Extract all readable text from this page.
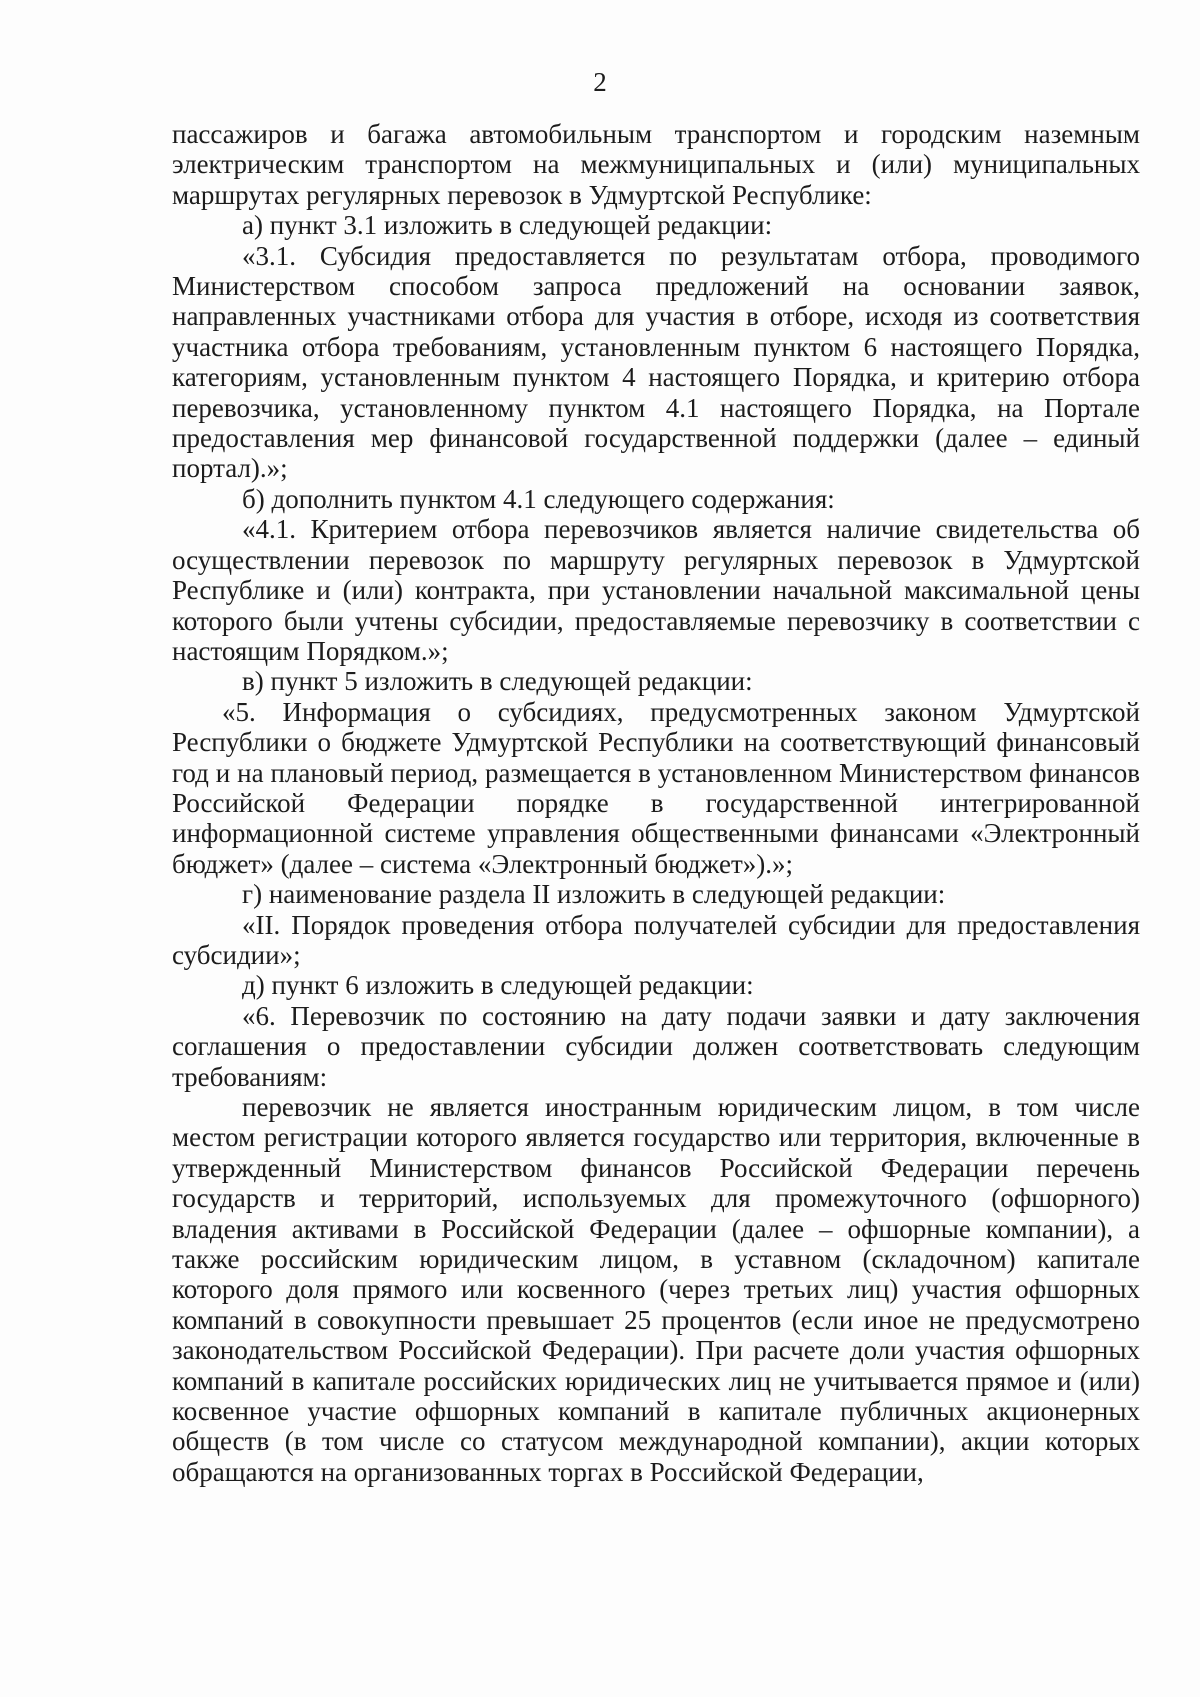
2

пассажиров и багажа автомобильным транспортом и городским наземным электрическим транспортом на межмуниципальных и (или) муниципальных маршрутах регулярных перевозок в Удмуртской Республике:

а) пункт 3.1 изложить в следующей редакции:

«3.1. Субсидия предоставляется по результатам отбора, проводимого Министерством способом запроса предложений на основании заявок, направленных участниками отбора для участия в отборе, исходя из соответствия участника отбора требованиям, установленным пунктом 6 настоящего Порядка, категориям, установленным пунктом 4 настоящего Порядка, и критерию отбора перевозчика, установленному пунктом 4.1 настоящего Порядка, на Портале предоставления мер финансовой государственной поддержки (далее – единый портал).»;

б) дополнить пунктом 4.1 следующего содержания:

«4.1. Критерием отбора перевозчиков является наличие свидетельства об осуществлении перевозок по маршруту регулярных перевозок в Удмуртской Республике и (или) контракта, при установлении начальной максимальной цены которого были учтены субсидии, предоставляемые перевозчику в соответствии с настоящим Порядком.»;

в) пункт 5 изложить в следующей редакции:

«5. Информация о субсидиях, предусмотренных законом Удмуртской Республики о бюджете Удмуртской Республики на соответствующий финансовый год и на плановый период, размещается в установленном Министерством финансов Российской Федерации порядке в государственной интегрированной информационной системе управления общественными финансами «Электронный бюджет» (далее – система «Электронный бюджет»).»;

г) наименование раздела II изложить в следующей редакции:

«II. Порядок проведения отбора получателей субсидии для предоставления субсидии»;

д) пункт 6 изложить в следующей редакции:

«6. Перевозчик по состоянию на дату подачи заявки и дату заключения соглашения о предоставлении субсидии должен соответствовать следующим требованиям:

перевозчик не является иностранным юридическим лицом, в том числе местом регистрации которого является государство или территория, включенные в утвержденный Министерством финансов Российской Федерации перечень государств и территорий, используемых для промежуточного (офшорного) владения активами в Российской Федерации (далее – офшорные компании), а также российским юридическим лицом, в уставном (складочном) капитале которого доля прямого или косвенного (через третьих лиц) участия офшорных компаний в совокупности превышает 25 процентов (если иное не предусмотрено законодательством Российской Федерации). При расчете доли участия офшорных компаний в капитале российских юридических лиц не учитывается прямое и (или) косвенное участие офшорных компаний в капитале публичных акционерных обществ (в том числе со статусом международной компании), акции которых обращаются на организованных торгах в Российской Федерации,
